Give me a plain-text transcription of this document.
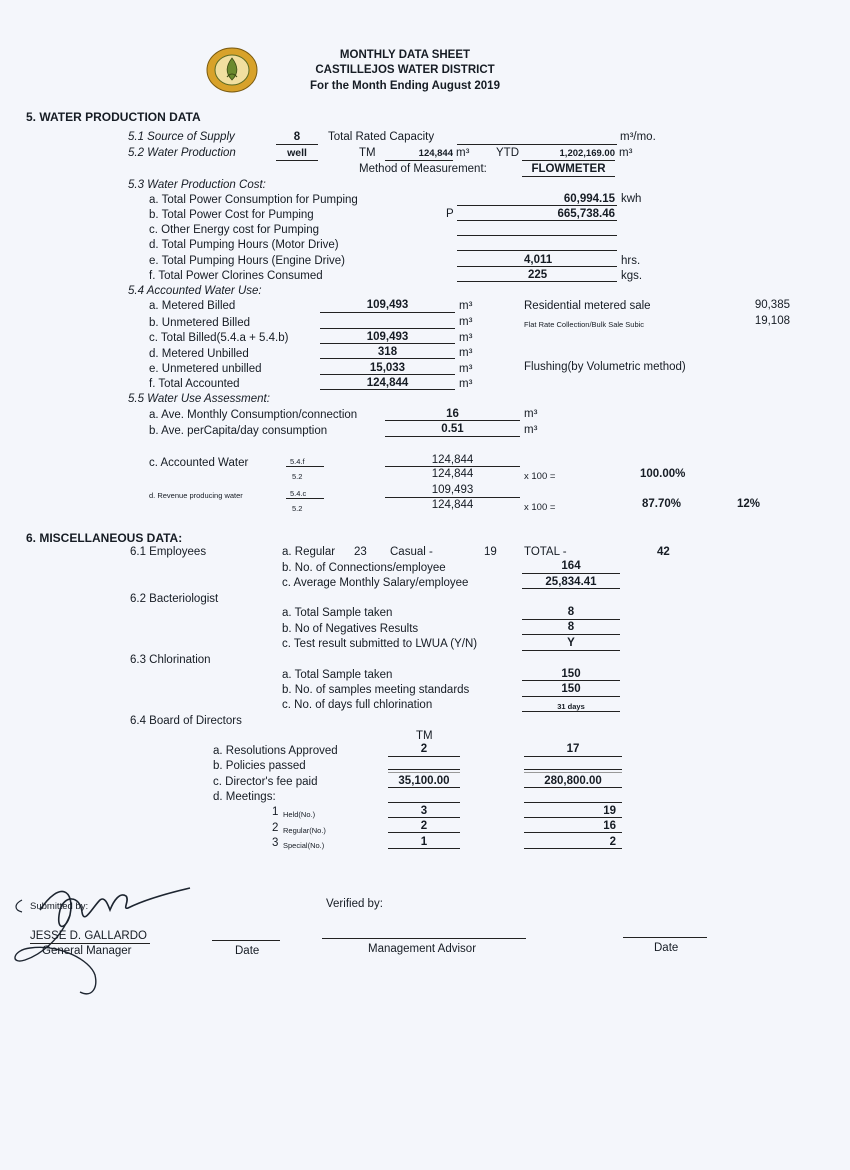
MONTHLY DATA SHEET
CASTILLEJOS WATER DISTRICT
For the Month Ending August 2019
5. WATER PRODUCTION DATA
5.1 Source of Supply	8	Total Rated Capacity	m³/mo.
5.2 Water Production	well	TM	124,844 m³ YTD	1,202,169.00 m³
Method of Measurement:	FLOWMETER
5.3 Water Production Cost:
a. Total Power Consumption for Pumping	60,994.15 kwh
b. Total Power Cost for Pumping	P	665,738.46
c. Other Energy cost for Pumping
d. Total Pumping Hours (Motor Drive)
e. Total Pumping Hours (Engine Drive)	4,011	hrs.
f. Total Power Clorines Consumed	225	kgs.
5.4 Accounted Water Use:
a. Metered Billed	109,493	m³	Residential metered sale	90,385
b. Unmetered Billed	m³	Flat Rate Collection/Bulk Sale Subic	19,108
c. Total Billed(5.4.a + 5.4.b)	109,493	m³
d. Metered Unbilled	318	m³
e. Unmetered unbilled	15,033	m³	Flushing(by Volumetric method)
f. Total Accounted	124,844	m³
5.5 Water Use Assessment:
a. Ave. Monthly Consumption/connection	16	m³
b. Ave. perCapita/day consumption	0.51	m³
c. Accounted Water	5.4.f
5.2
124,844
124,844	x 100 =	100.00%
d. Revenue producing water	5.4.c
5.2
109,493
124,844	x 100 =	87.70%	12%
6. MISCELLANEOUS DATA:
6.1 Employees	a. Regular 23 Casual -	19 TOTAL -	42
b. No. of Connections/employee	164
c. Average Monthly Salary/employee	25,834.41
6.2 Bacteriologist
a. Total Sample taken	8
b. No of Negatives Results	8
c. Test result submitted to LWUA (Y/N)	Y
6.3 Chlorination
a. Total Sample taken	150
b. No. of samples meeting standards	150
c. No. of days full chlorination	31 days
6.4 Board of Directors
TM
a. Resolutions Approved	2	17
b. Policies passed
c. Director's fee paid	35,100.00	280,800.00
d. Meetings:
1 Held(No.)	3	19
2 Regular(No.)	2	16
3 Special(No.)	1	2
Submitted by:
JESSE D. GALLARDO
General Manager	Date
Verified by:
Management Advisor	Date
